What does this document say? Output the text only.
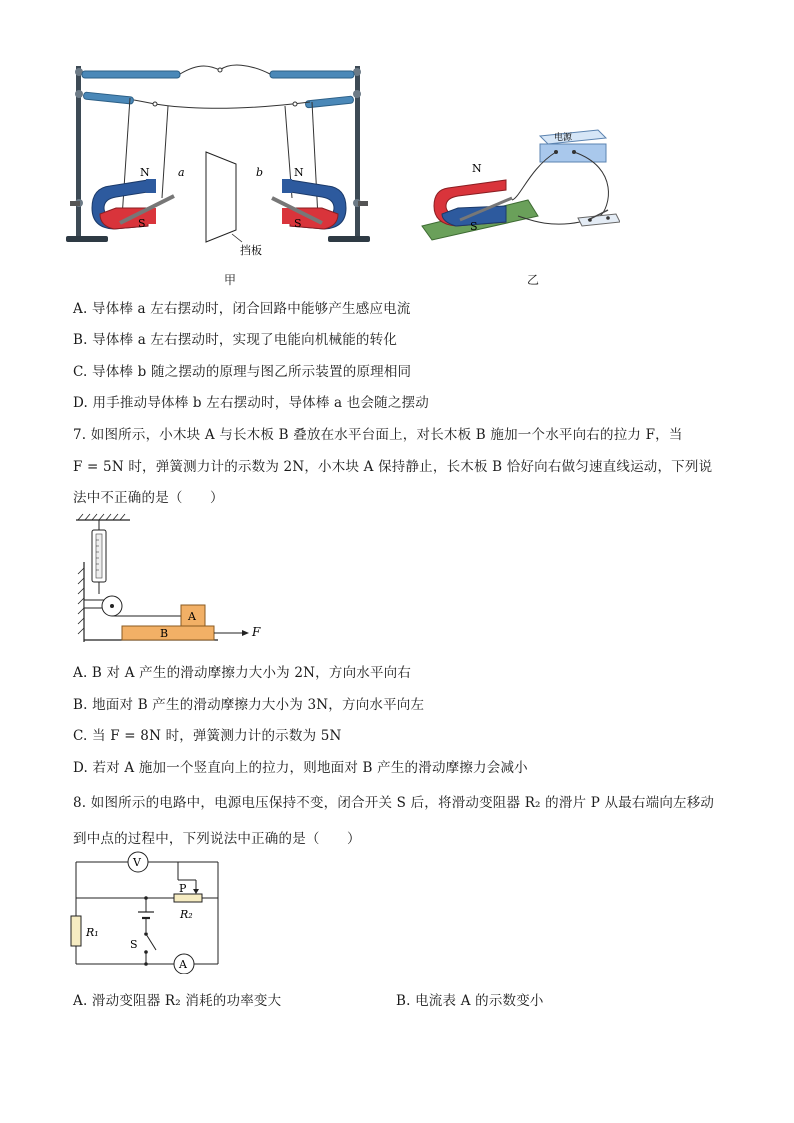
N
S
a	N
S
b
挡板
N
S
电源
甲	乙
A. 导体棒 a 左右摆动时，闭合回路中能够产生感应电流
B. 导体棒 a 左右摆动时，实现了电能向机械能的转化
C. 导体棒 b 随之摆动的原理与图乙所示装置的原理相同
D. 用手推动导体棒 b 左右摆动时，导体棒 a 也会随之摆动
7. 如图所示，小木块 A 与长木板 B 叠放在水平台面上，对长木板 B 施加一个水平向右的拉力 F，当
F = 5N 时，弹簧测力计的示数为 2N，小木块 A 保持静止，长木板 B 恰好向右做匀速直线运动，下列说
法中不正确的是（　　）
B
A
F
A. B 对 A 产生的滑动摩擦力大小为 2N，方向水平向右
B. 地面对 B 产生的滑动摩擦力大小为 3N，方向水平向左
C. 当 F = 8N 时，弹簧测力计的示数为 5N
D. 若对 A 施加一个竖直向上的拉力，则地面对 B 产生的滑动摩擦力会减小
8. 如图所示的电路中，电源电压保持不变，闭合开关 S 后，将滑动变阻器 R₂ 的滑片 P 从最右端向左移动
到中点的过程中，下列说法中正确的是（　　）
V
A
R₁
P
R₂
S
A. 滑动变阻器 R₂ 消耗的功率变大	B. 电流表 A 的示数变小
